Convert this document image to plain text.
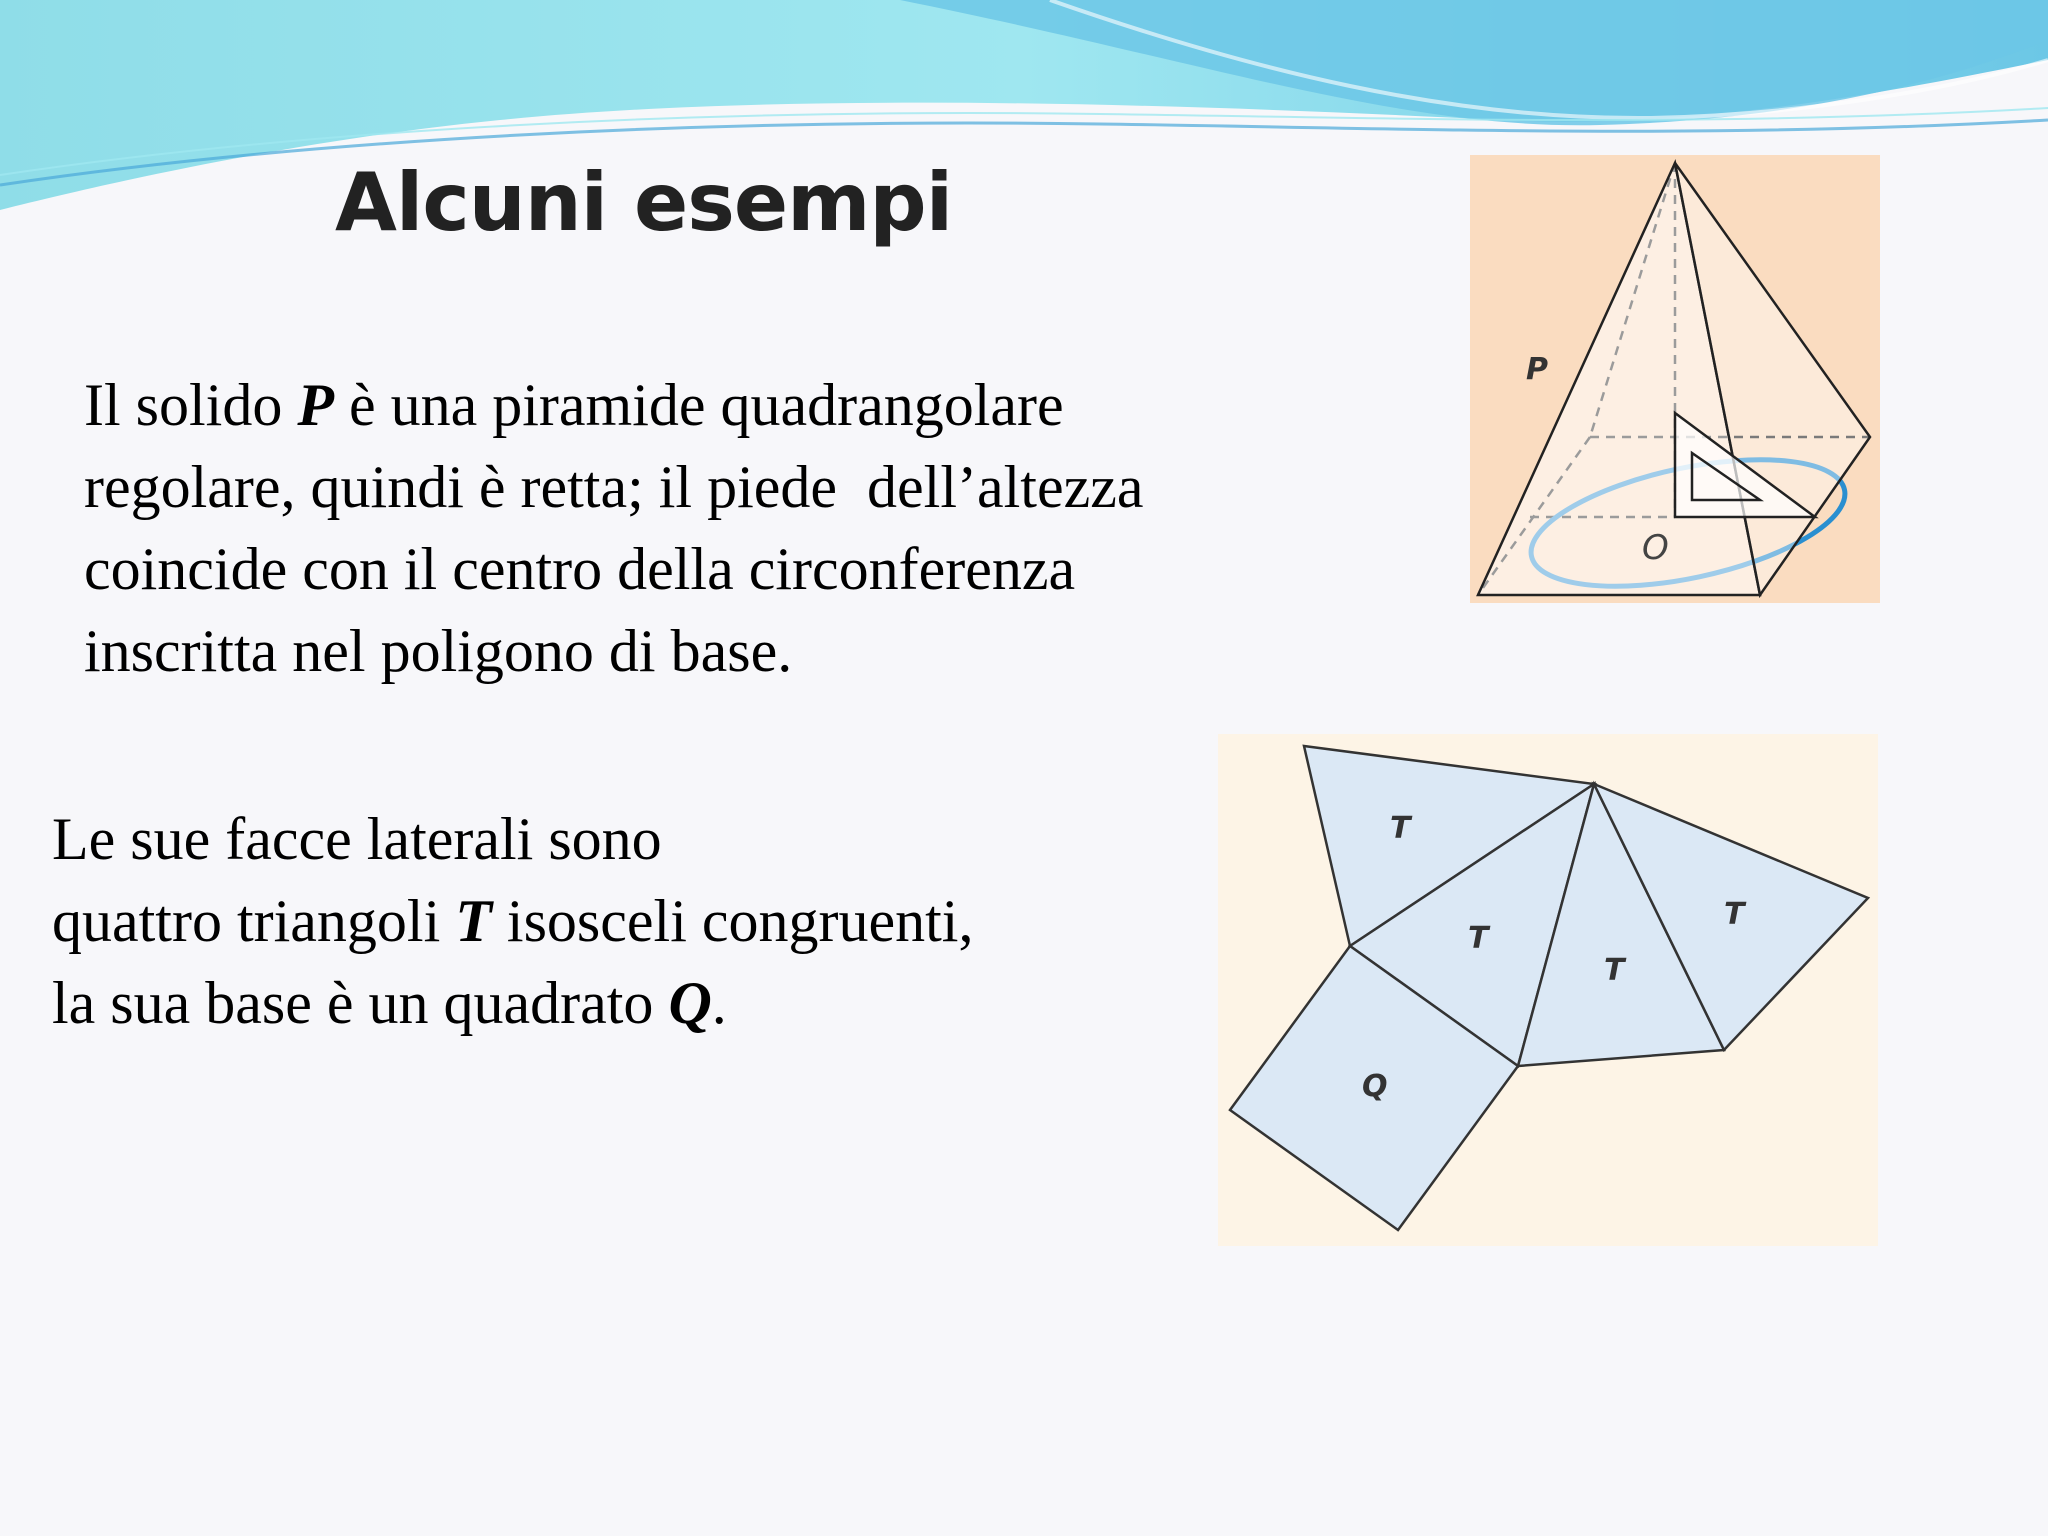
Alcuni esempi

Il solido P è una piramide quadrangolare
regolare, quindi è retta; il piede  dell’altezza
coincide con il centro della circonferenza
inscritta nel poligono di base.

Le sue facce laterali sono
quattro triangoli T isosceli congruenti,
la sua base è un quadrato Q.

P
O
T
T
T
T
Q
